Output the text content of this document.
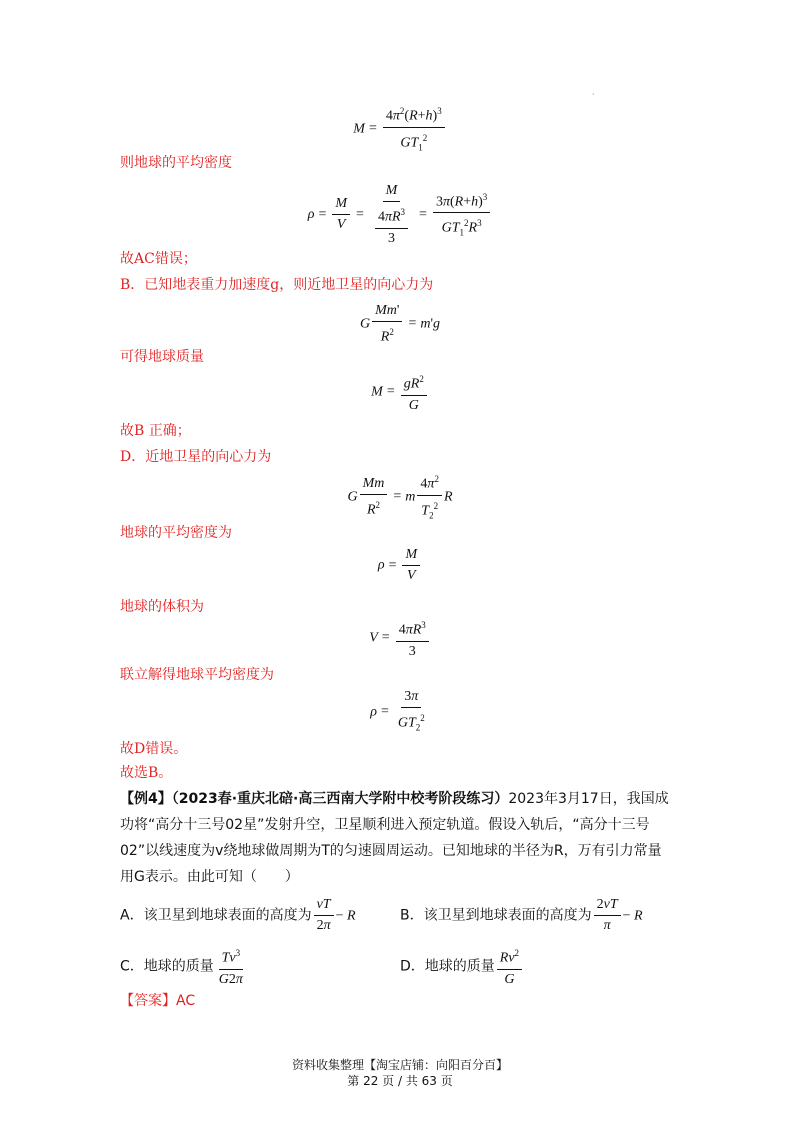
·
$M = \frac{4\pi^2(R+h)^3}{GT_1^2}$
则地球的平均密度
$\rho = \frac{M}{V} = \frac{M}{\frac{4\pi R^3}{3}} = \frac{3\pi(R+h)^3}{GT_1^2R^3}$
故AC错误；
B．已知地表重力加速度g，则近地卫星的向心力为
G $\frac{Mm'}{R^2} = m'g$
可得地球质量
$M = \frac{gR^2}{G}$
故B 正确；
D．近地卫星的向心力为
G $\frac{Mm}{R^2} = m \frac{4\pi^2}{T_2^2}$ R
地球的平均密度为
$\rho = \frac{M}{V}$
地球的体积为
$V = \frac{4\pi R^3}{3}$
联立解得地球平均密度为
$\rho = \frac{3\pi}{GT_2^2}$
故D错误。
故选B。
【例4】（2023春·重庆北碚·高三西南大学附中校考阶段练习）2023年3月17日，我国成
功将“高分十三号02星”发射升空，卫星顺利进入预定轨道。假设入轨后，“高分十三号
02”以线速度为v绕地球做周期为T的匀速圆周运动。已知地球的半径为R，万有引力常量
用G表示。由此可知（　　）
A．该卫星到地球表面的高度为 $\frac{vT}{2\pi} - R$	B．该卫星到地球表面的高度为 $\frac{2vT}{\pi} - R$
C．地球的质量 $\frac{Tv^3}{G2\pi}$	D．地球的质量 $\frac{Rv^2}{G}$
【答案】AC
资料收集整理【淘宝店铺：向阳百分百】
第 22 页 / 共 63 页
